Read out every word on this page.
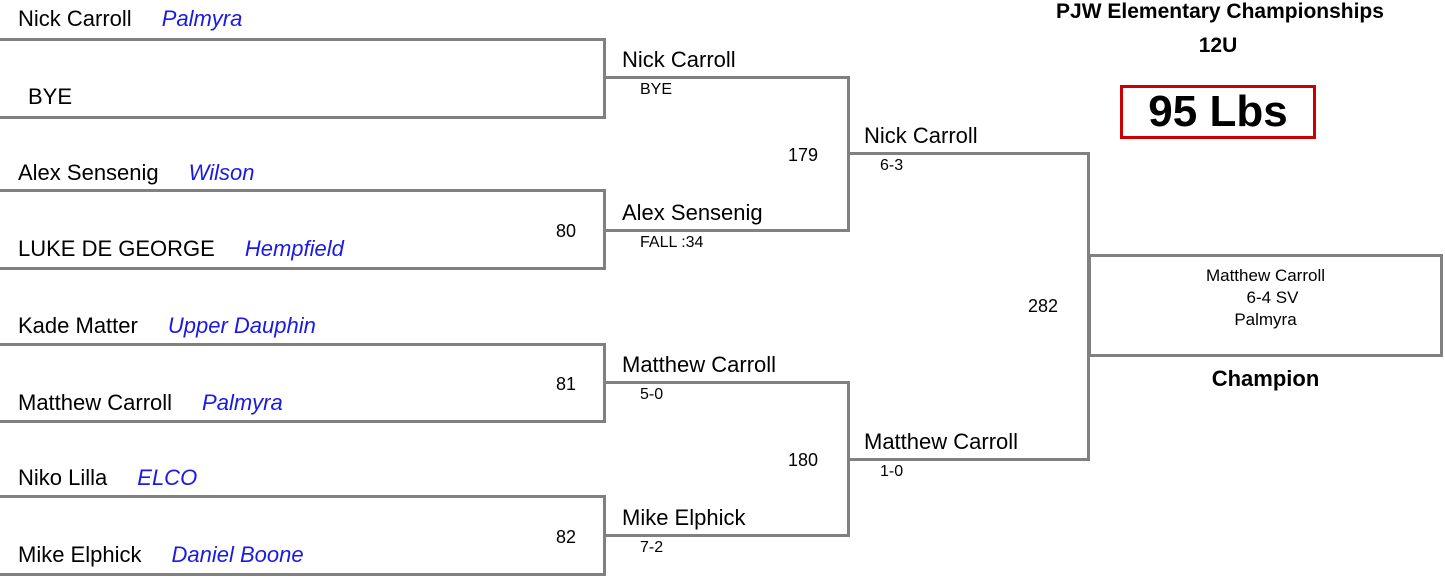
PJW Elementary Championships
12U
95 Lbs
Nick Carroll Palmyra
BYE
Alex Sensenig Wilson
LUKE DE GEORGE Hempfield
Kade Matter Upper Dauphin
Matthew Carroll Palmyra
Niko Lilla ELCO
Mike Elphick Daniel Boone
80
81
82
Nick Carroll
BYE
Alex Sensenig
FALL :34
Matthew Carroll
5-0
Mike Elphick
7-2
179
180
Nick Carroll
6-3
Matthew Carroll
1-0
282
Matthew Carroll
6-4 SV
Palmyra
Champion
